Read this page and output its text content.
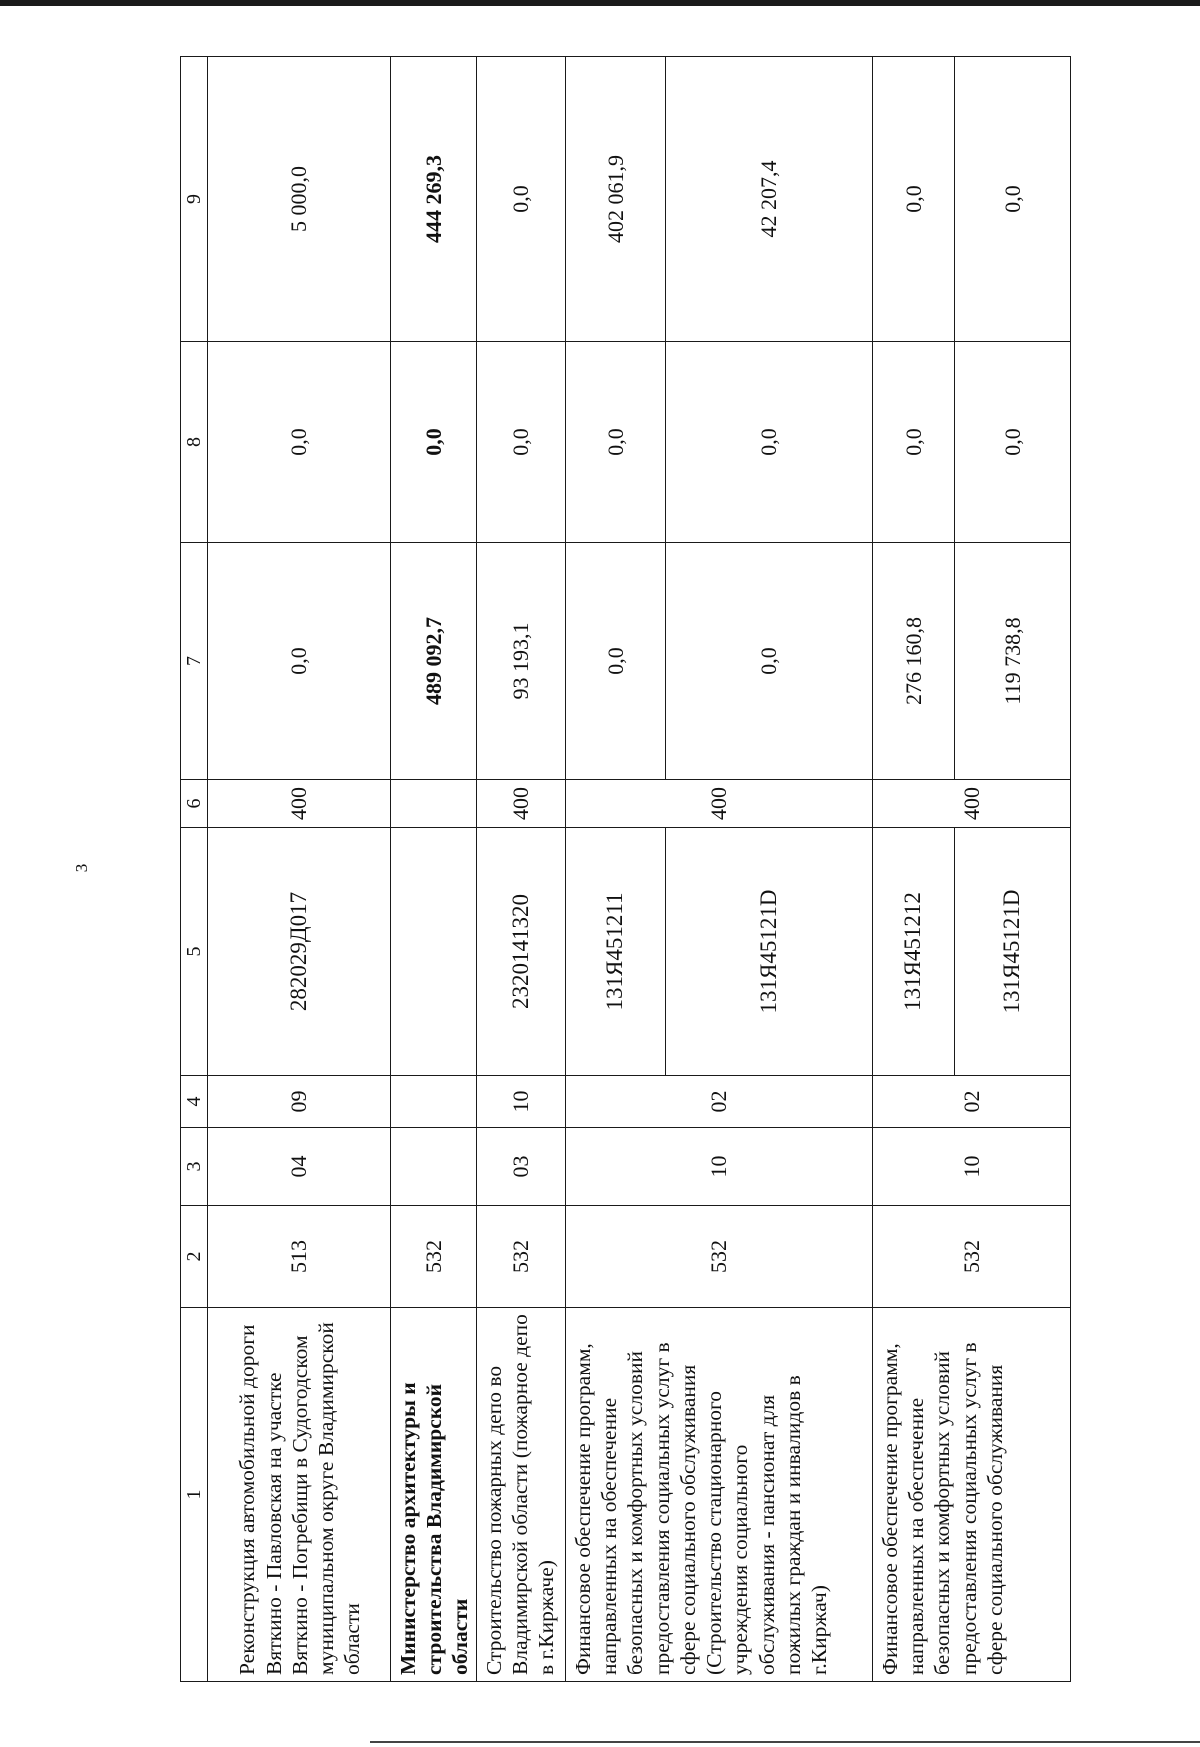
3
1	2	3	4	5	6	7	8	9
Реконструкция автомобильной дороги Вяткино - Павловская на участке Вяткино - Погребищи в Судогодском муниципальном округе Владимирской области	513	04	09	282029Д017	400	0,0	0,0	5 000,0
Министерство архитектуры и строительства Владимирской области	532					489 092,7	0,0	444 269,3
Строительство пожарных депо во Владимирской области (пожарное депо в г.Киржаче)	532	03	10	2320141320	400	93 193,1	0,0	0,0
Финансовое обеспечение программ, направленных на обеспечение безопасных и комфортных условий предоставления социальных услуг в сфере социального обслуживания (Строительство стационарного учреждения социального обслуживания - пансионат для пожилых граждан и инвалидов в г.Киржач)	532	10	02	131Я451211	400	0,0	0,0	402 061,9
				131Я45121D		0,0	0,0	42 207,4
Финансовое обеспечение программ, направленных на обеспечение безопасных и комфортных условий предоставления социальных услуг в сфере социального обслуживания	532	10	02	131Я451212	400	276 160,8	0,0	0,0
				131Я45121D		119 738,8	0,0	0,0
